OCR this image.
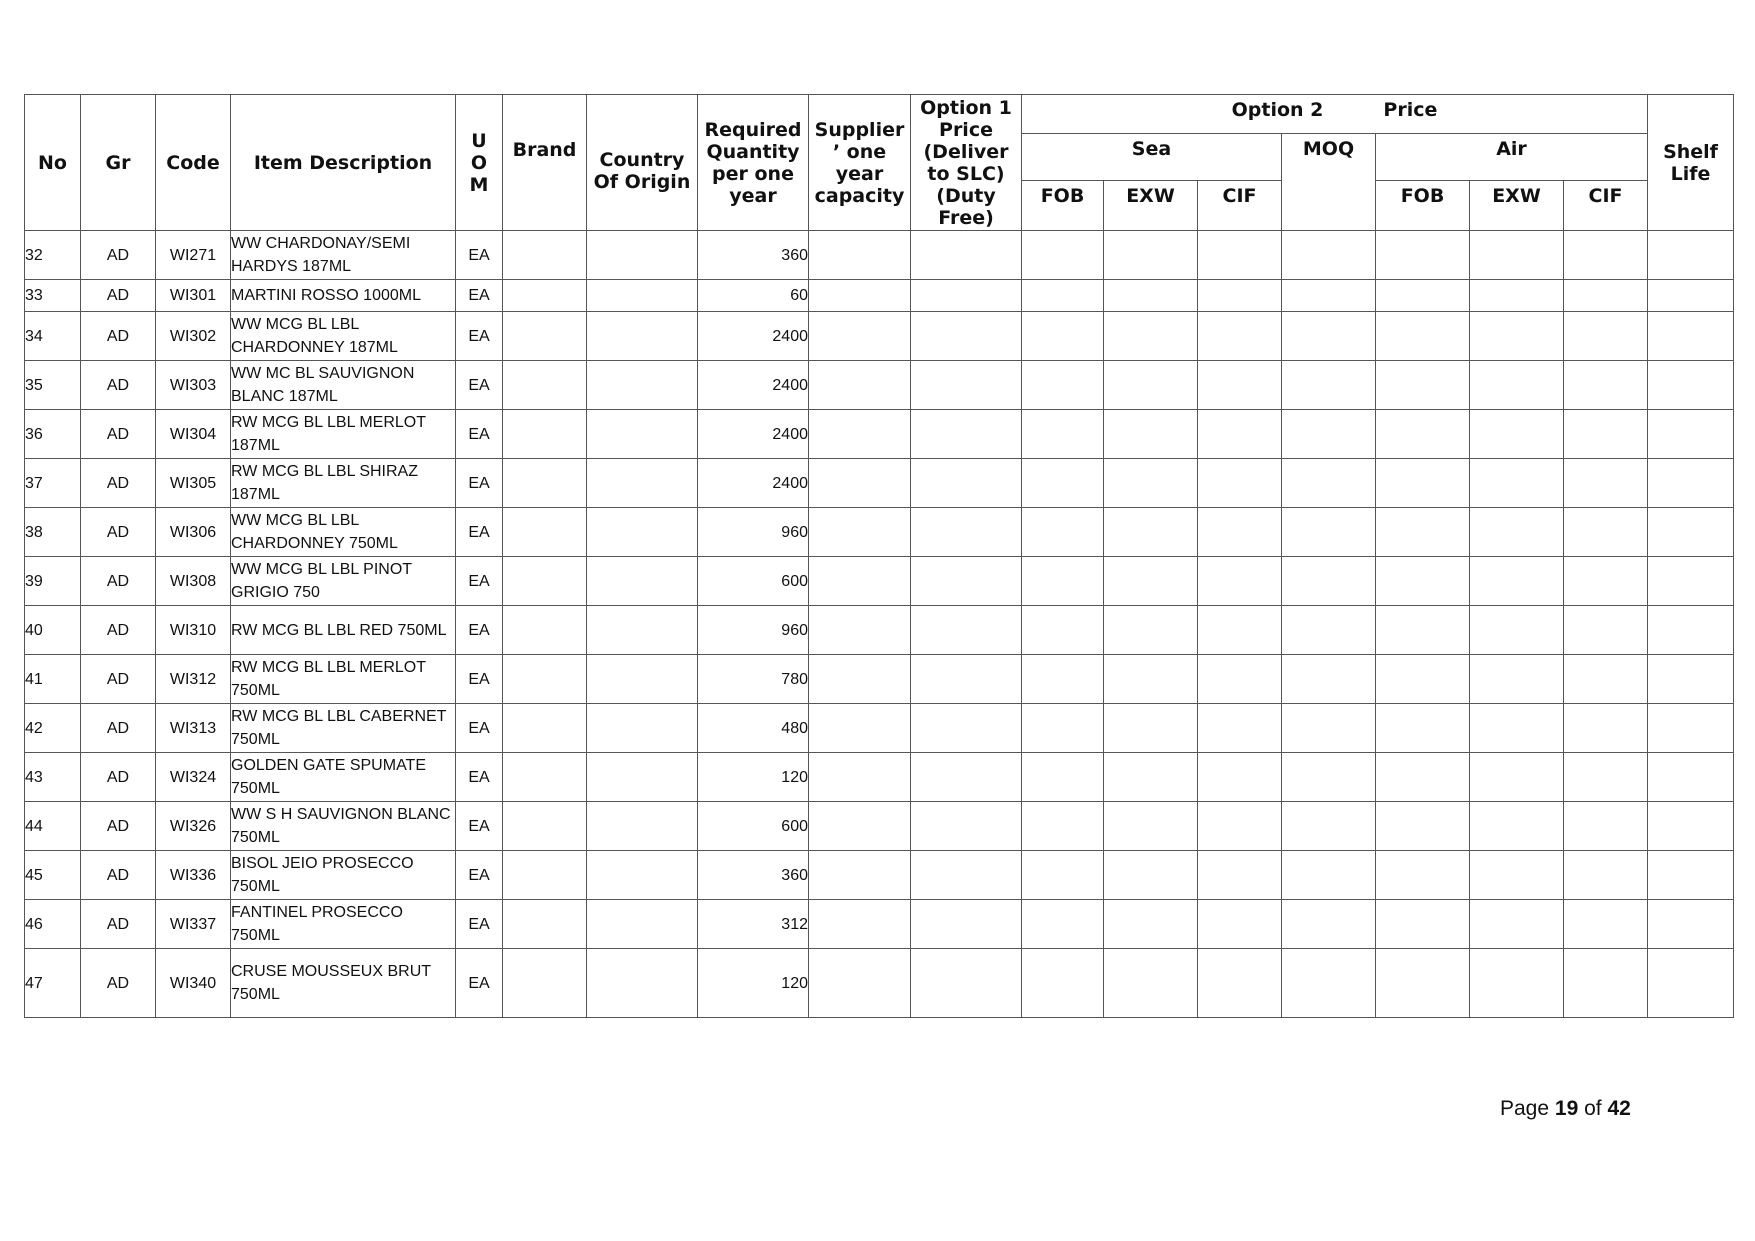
No	Gr	Code	Item Description	U O M	Brand	Country Of Origin	Required Quantity per one year	Supplier ’ one year capacity	Option 1 Price (Deliver to SLC) (Duty Free)	Option 2 Price							Shelf Life
										Sea			MOQ	Air			
										FOB	EXW	CIF		FOB	EXW	CIF	
32	AD	WI271	WW CHARDONAY/SEMI HARDYS 187ML	EA			360										
33	AD	WI301	MARTINI ROSSO 1000ML	EA			60										
34	AD	WI302	WW MCG BL LBL CHARDONNEY 187ML	EA			2400										
35	AD	WI303	WW MC BL SAUVIGNON BLANC 187ML	EA			2400										
36	AD	WI304	RW MCG BL LBL MERLOT 187ML	EA			2400										
37	AD	WI305	RW MCG BL LBL SHIRAZ 187ML	EA			2400										
38	AD	WI306	WW MCG BL LBL CHARDONNEY 750ML	EA			960										
39	AD	WI308	WW MCG BL LBL PINOT GRIGIO 750	EA			600										
40	AD	WI310	RW MCG BL LBL RED 750ML	EA			960										
41	AD	WI312	RW MCG BL LBL MERLOT 750ML	EA			780										
42	AD	WI313	RW MCG BL LBL CABERNET 750ML	EA			480										
43	AD	WI324	GOLDEN GATE SPUMATE 750ML	EA			120										
44	AD	WI326	WW S H SAUVIGNON BLANC 750ML	EA			600										
45	AD	WI336	BISOL JEIO PROSECCO 750ML	EA			360										
46	AD	WI337	FANTINEL PROSECCO 750ML	EA			312										
47	AD	WI340	CRUSE MOUSSEUX BRUT 750ML	EA			120										
Page 19 of 42
